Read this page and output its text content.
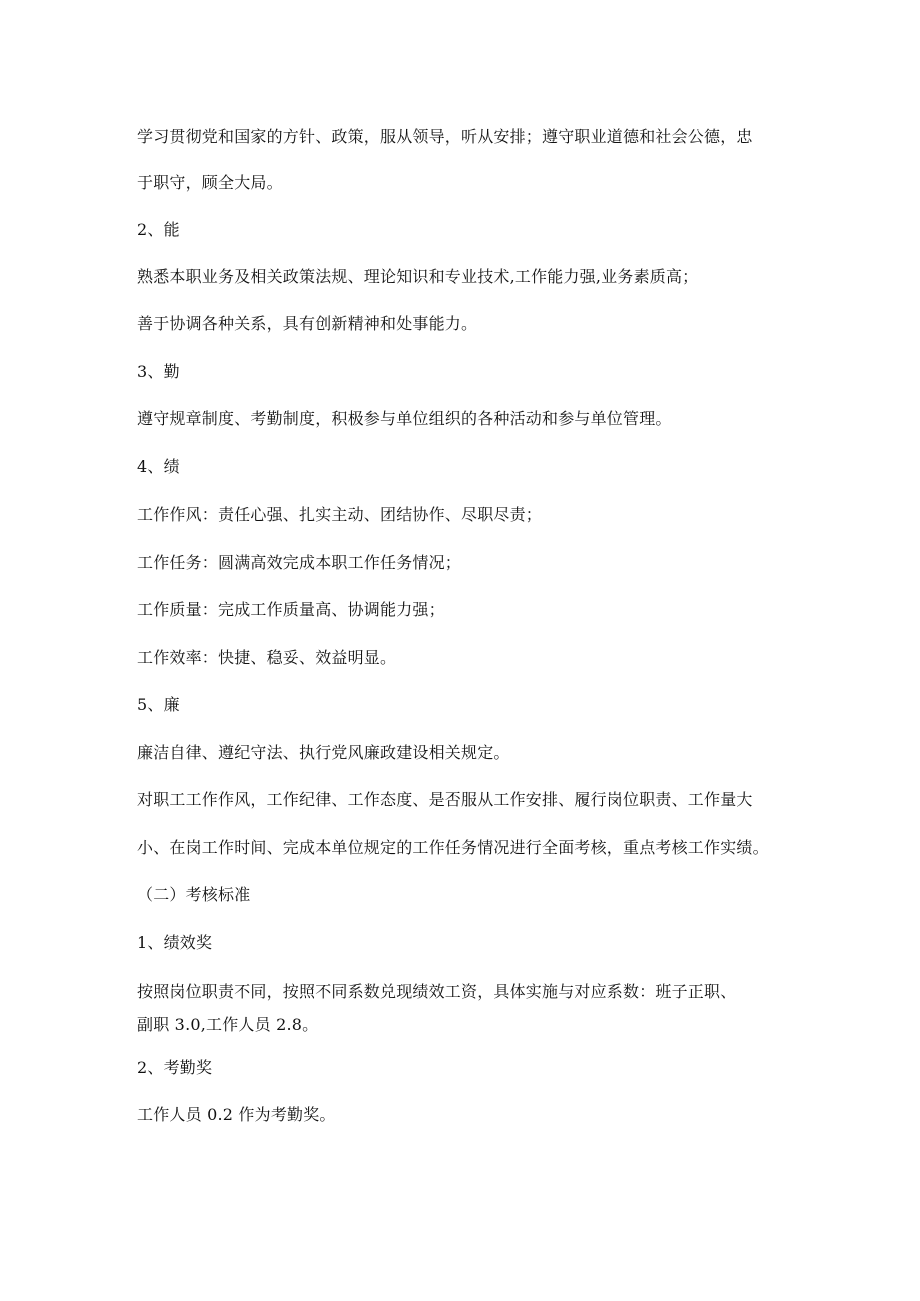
学习贯彻党和国家的方针、政策，服从领导，听从安排；遵守职业道德和社会公德，忠

于职守，顾全大局。

2、能

熟悉本职业务及相关政策法规、理论知识和专业技术,工作能力强,业务素质高；

善于协调各种关系，具有创新精神和处事能力。

3、勤

遵守规章制度、考勤制度，积极参与单位组织的各种活动和参与单位管理。

4、绩

工作作风：责任心强、扎实主动、团结协作、尽职尽责；

工作任务：圆满高效完成本职工作任务情况；

工作质量：完成工作质量高、协调能力强；

工作效率：快捷、稳妥、效益明显。

5、廉

廉洁自律、遵纪守法、执行党风廉政建设相关规定。

对职工工作作风，工作纪律、工作态度、是否服从工作安排、履行岗位职责、工作量大

小、在岗工作时间、完成本单位规定的工作任务情况进行全面考核，重点考核工作实绩。

（二）考核标准

1、绩效奖

按照岗位职责不同，按照不同系数兑现绩效工资，具体实施与对应系数：班子正职、

副职 3.0,工作人员 2.8。

2、考勤奖

工作人员 0.2 作为考勤奖。
